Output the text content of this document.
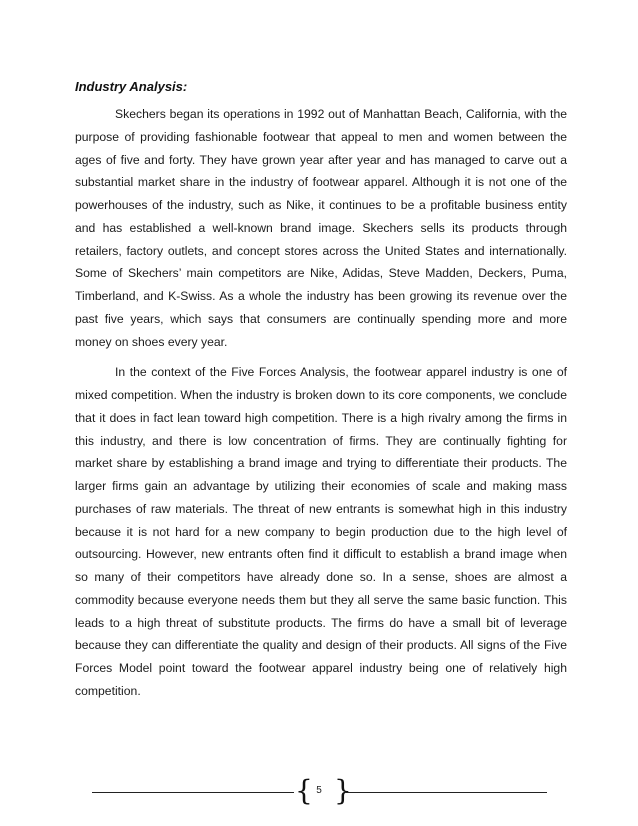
Industry Analysis:

Skechers began its operations in 1992 out of Manhattan Beach, California, with the purpose of providing fashionable footwear that appeal to men and women between the ages of five and forty. They have grown year after year and has managed to carve out a substantial market share in the industry of footwear apparel. Although it is not one of the powerhouses of the industry, such as Nike, it continues to be a profitable business entity and has established a well-known brand image. Skechers sells its products through retailers, factory outlets, and concept stores across the United States and internationally. Some of Skechers’ main competitors are Nike, Adidas, Steve Madden, Deckers, Puma, Timberland, and K-Swiss. As a whole the industry has been growing its revenue over the past five years, which says that consumers are continually spending more and more money on shoes every year.

In the context of the Five Forces Analysis, the footwear apparel industry is one of mixed competition. When the industry is broken down to its core components, we conclude that it does in fact lean toward high competition. There is a high rivalry among the firms in this industry, and there is low concentration of firms. They are continually fighting for market share by establishing a brand image and trying to differentiate their products. The larger firms gain an advantage by utilizing their economies of scale and making mass purchases of raw materials. The threat of new entrants is somewhat high in this industry because it is not hard for a new company to begin production due to the high level of outsourcing. However, new entrants often find it difficult to establish a brand image when so many of their competitors have already done so. In a sense, shoes are almost a commodity because everyone needs them but they all serve the same basic function. This leads to a high threat of substitute products. The firms do have a small bit of leverage because they can differentiate the quality and design of their products. All signs of the Five Forces Model point toward the footwear apparel industry being one of relatively high competition.

{ 5 }
